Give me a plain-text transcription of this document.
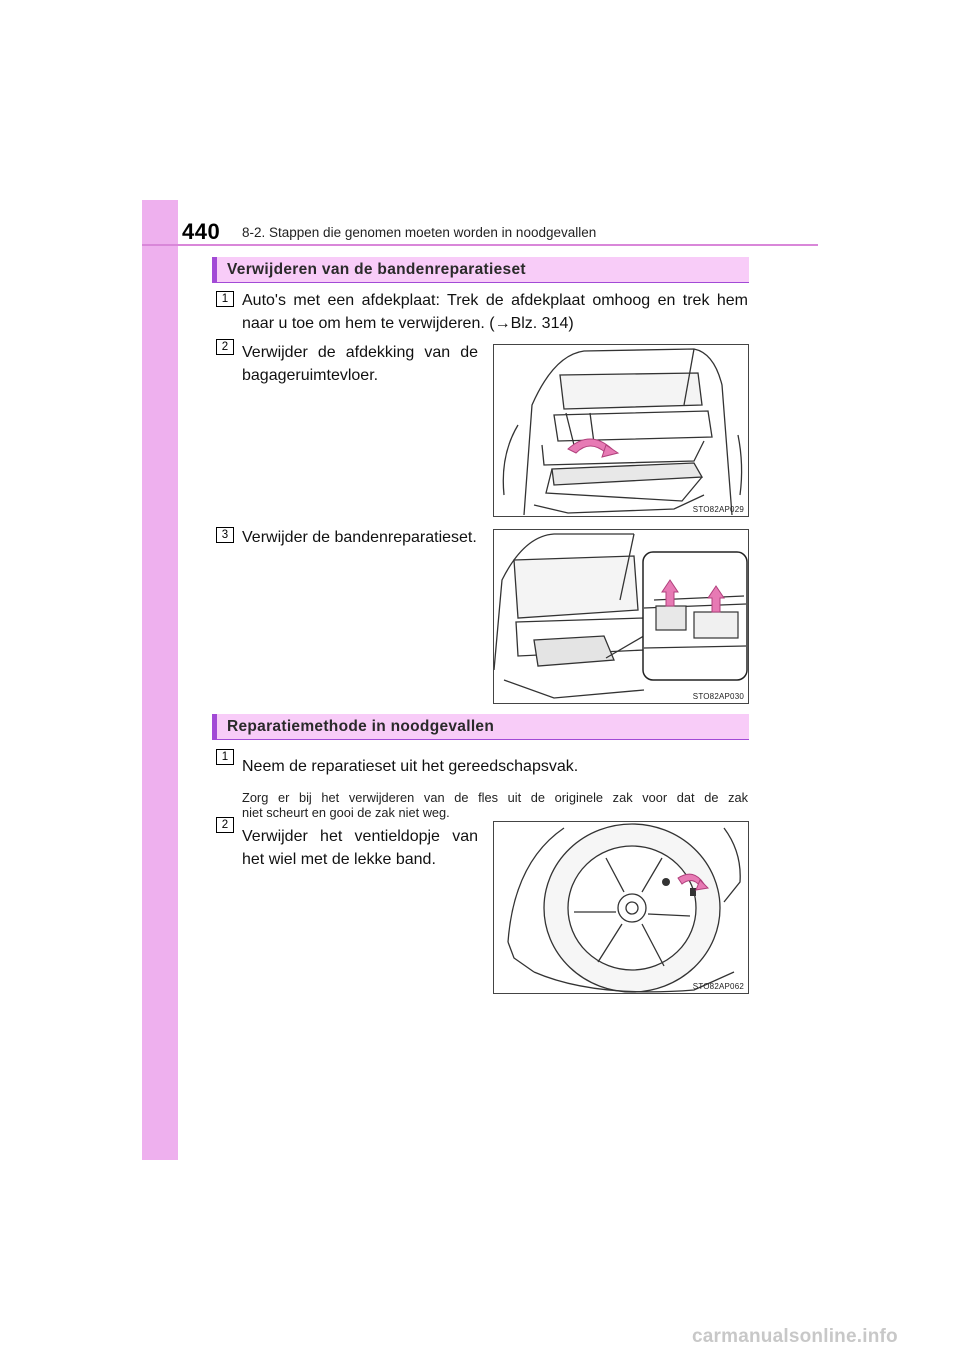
440 8-2. Stappen die genomen moeten worden in noodgevallen
Verwijderen van de bandenreparatieset
1 Auto's met een afdekplaat: Trek de afdekplaat omhoog en trek hem
naar u toe om hem te verwijderen. (→Blz. 314)
2 Verwijder de afdekking van de
bagageruimtevloer.
STO82AP029
3 Verwijder de bandenreparatieset.
STO82AP030
Reparatiemethode in noodgevallen
1
Neem de reparatieset uit het gereedschapsvak.
Zorg er bij het verwijderen van de fles uit de originele zak voor dat de zak
niet scheurt en gooi de zak niet weg.
2
Verwijder het ventieldopje van
het wiel met de lekke band.
STO82AP062
carmanualsonline.info
